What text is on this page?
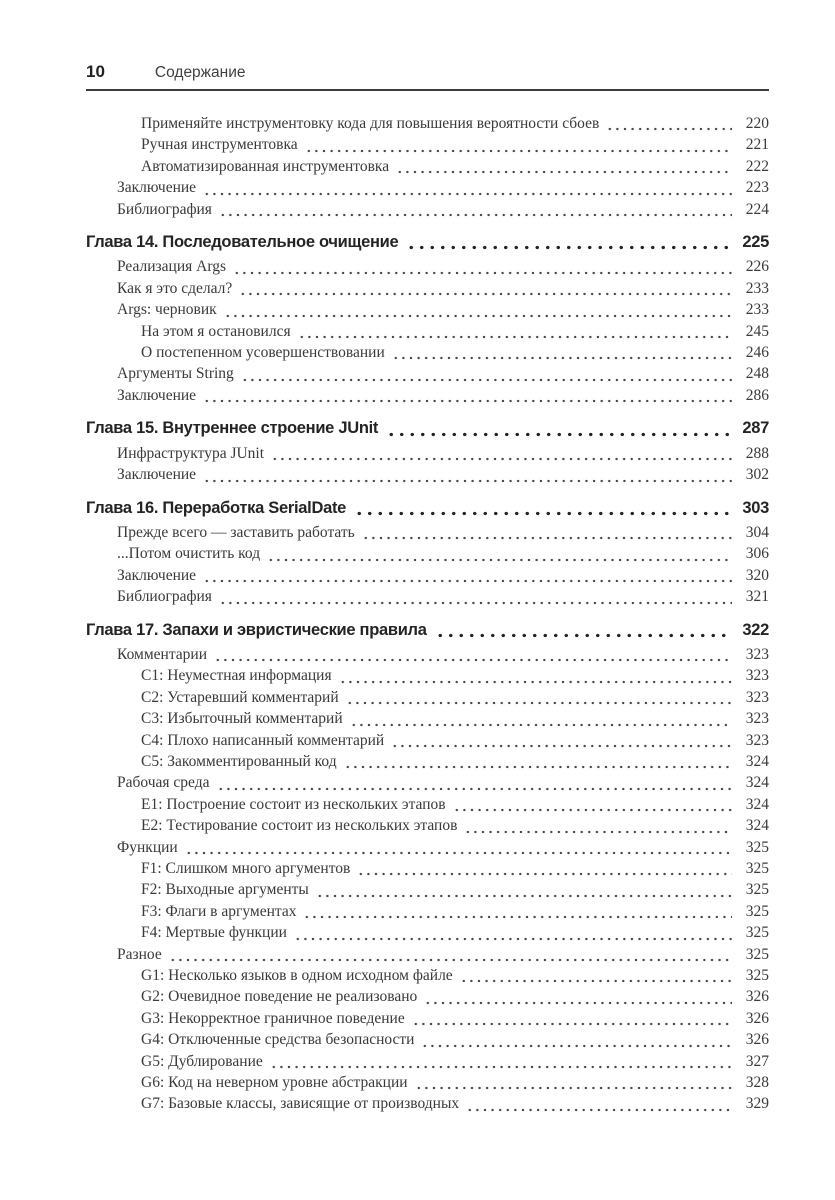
10	Содержание
Применяйте инструментовку кода для повышения вероятности сбоев	220
Ручная инструментовка	221
Автоматизированная инструментовка	222
Заключение	223
Библиография	224
Глава 14. Последовательное очищение	225
Реализация Args	226
Как я это сделал?	233
Args: черновик	233
На этом я остановился	245
О постепенном усовершенствовании	246
Аргументы String	248
Заключение	286
Глава 15. Внутреннее строение JUnit	287
Инфраструктура JUnit	288
Заключение	302
Глава 16. Переработка SerialDate	303
Прежде всего — заставить работать	304
...Потом очистить код	306
Заключение	320
Библиография	321
Глава 17. Запахи и эвристические правила	322
Комментарии	323
C1: Неуместная информация	323
C2: Устаревший комментарий	323
C3: Избыточный комментарий	323
C4: Плохо написанный комментарий	323
C5: Закомментированный код	324
Рабочая среда	324
E1: Построение состоит из нескольких этапов	324
E2: Тестирование состоит из нескольких этапов	324
Функции	325
F1: Слишком много аргументов	325
F2: Выходные аргументы	325
F3: Флаги в аргументах	325
F4: Мертвые функции	325
Разное	325
G1: Несколько языков в одном исходном файле	325
G2: Очевидное поведение не реализовано	326
G3: Некорректное граничное поведение	326
G4: Отключенные средства безопасности	326
G5: Дублирование	327
G6: Код на неверном уровне абстракции	328
G7: Базовые классы, зависящие от производных	329
